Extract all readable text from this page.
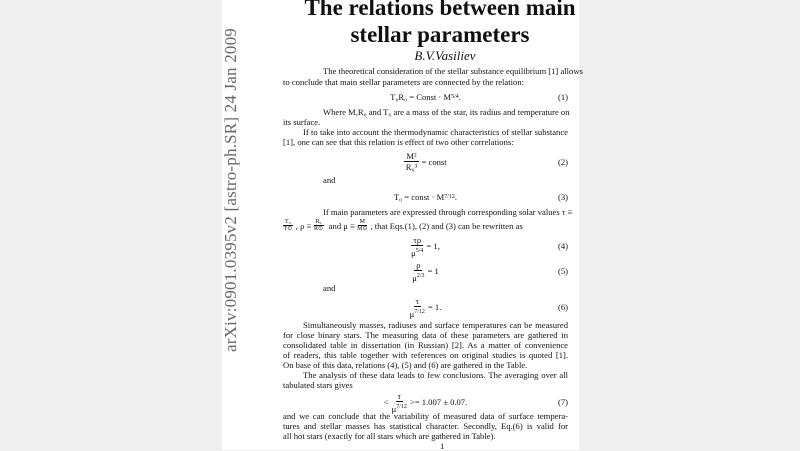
arXiv:0901.0395v2 [astro-ph.SR] 24 Jan 2009
The relations between main
stellar parameters
B.V.Vasiliev
The theoretical consideration of the stellar substance equilibrium [1] allows
to conclude that main stellar parameters are connected by the relation:
T₀R₀ = Const · M 5/4 .	(1)
Where M,R₀ and T₀ are a mass of the star, its radius and temperature on
its surface.
If to take into account the thermodynamic characteristics of stellar substance
[1], one can see that this relation is effect of two other correlations:
$\frac{\text{M²}}{\text{R₀³}}$ = const	(2)
and
T₀ = const · M 7/12 .	(3)
If main parameters are expressed through corresponding solar values τ ≡
$\frac{\text{T₀}}{T⊙}$ , $\rho \equiv \frac{\text{R₀}}{R⊙}$ and $\mu \equiv \frac{M}{M⊙}$ , that Eqs.(1), (2) and (3) can be rewritten as
$\frac{\tau\rho}{\mu^{5/4}} = 1$,	(4)
$\frac{\rho}{\mu^{2/3}} = 1$	(5)
and
$\frac{\tau}{\mu^{7/12}} = 1$.	(6)
Simultaneously masses, radiuses and surface temperatures can be measured
for close binary stars. The measuring data of these parameters are gathered in
consolidated table in dissertation (in Russian) [2]. As a matter of convenience
of readers, this table together with references on original studies is quoted [1].
On base of this data, relations (4), (5) and (6) are gathered in the Table.
The analysis of these data leads to few conclusions. The averaging over all
tabulated stars gives
< $\frac{\tau}{\mu^{7/12}} >= 1.007 \pm 0.07$.	(7)
and we can conclude that the variability of measured data of surface tempera-
tures and stellar masses has statistical character. Secondly, Eq.(6) is valid for
all hot stars (exactly for all stars which are gathered in Table).
1
